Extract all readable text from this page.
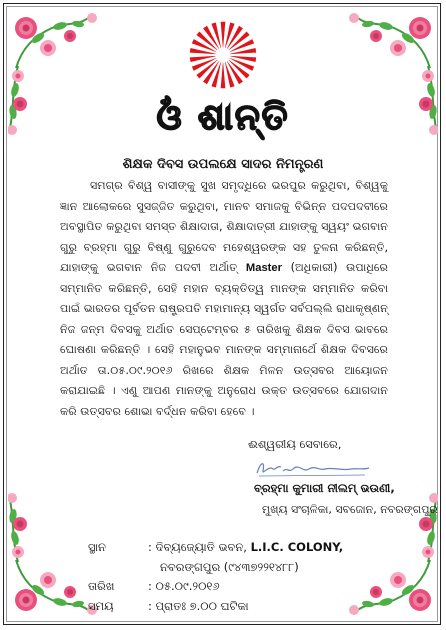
ଓଁ ଶାନ୍ତି
ଶିକ୍ଷକ ଦିବସ ଉପଲକ୍ଷେ ସାଦର ନିମନ୍ତ୍ରଣ

ସମଗ୍ର ବିଶ୍ୱ ବାସୀଙ୍କୁ ସୁଖ ସମୃଦ୍ଧିରେ ଭରପୁର କରୁଥିବା, ବିଶ୍ୱକୁ ଜ୍ଞାନ ଆଲୋକରେ ସୁସଜ୍ଜିତ କରୁଥିବା, ମାନବ ସମାଜକୁ ବିଭିନ୍ନ ପଦପଦବୀରେ ଅବସ୍ଥାପିତ କରୁଥିବା ସମସ୍ତ ଶିକ୍ଷାଦାତା, ଶିକ୍ଷାଦାତ୍ରୀ ଯାହାଙ୍କୁ ସ୍ୱୟଂ ଭଗବାନ ଗୁରୁ ବ୍ରହ୍ମା ଗୁରୁ ବିଷ୍ଣୁ ଗୁରୁଦେବ ମହେଶ୍ୱରଙ୍କ ସହ ତୁଳନା କରିଛନ୍ତି, ଯାହାଙ୍କୁ ଭଗବାନ ନିଜ ପଦବୀ ଅର୍ଥାତ୍ Master (ଅଧିକାରୀ) ଉପାଧିରେ ସମ୍ମାନିତ କରିଛନ୍ତି, ସେହି ମହାନ ବ୍ୟକ୍ତିତ୍ୱ ମାନଙ୍କ ସମ୍ମାନିତ କରିବା ପାଇଁ ଭାରତର ପୂର୍ବତନ ରାଷ୍ଟ୍ରପତି ମହାମାନ୍ୟ ସ୍ୱର୍ଗତ ସର୍ବପଲ୍ଲି ରାଧାକୃଷ୍ଣନ୍ ନିଜ ଜନ୍ମ ଦିବସକୁ ଅର୍ଥାତ ସେପ୍ଟେମ୍ବର ୫ ତାରିଖକୁ ଶିକ୍ଷକ ଦିବସ ଭାବରେ ଘୋଷଣା କରିଛନ୍ତି । ସେହି ମହାନୁଭବ ମାନଙ୍କ ସମ୍ମାନାର୍ଥେ ଶିକ୍ଷକ ଦିବସରେ ଅର୍ଥାତ ତା.୦୫.୦୯.୨୦୧୬ ରିଖରେ ଶିକ୍ଷକ ମିଳନ ଉତ୍ସବର ଆୟୋଜନ କରାଯାଇଛି । ଏଣୁ ଆପଣ ମାନଙ୍କୁ ଅନୁରୋଧ ଉକ୍ତ ଉତ୍ସବରେ ଯୋଗଦାନ କରି ଉତ୍ସବର ଶୋଭା ବର୍ଦ୍ଧନ କରିବା ହେବେ ।

ଈଶ୍ୱରୀୟ ସେବାରେ,
ବ୍ରହ୍ମା କୁମାରୀ ନୀଲମ୍ ଭଉଣୀ,
ମୁଖ୍ୟ ସଂଚାଳିକା, ସବଜୋନ, ନବରଙ୍ଗପୁର
ସ୍ଥାନ	: ଦିବ୍ୟଜ୍ୟୋତି ଭବନ, L.I.C. COLONY,
ନବରଙ୍ଗପୁର (୯୪୩୭୨୨୧୪୮୮)
ତାରିଖ	: ୦୫.୦୯.୨୦୧୬
ସମୟ	: ପ୍ରାତଃ ୭.୦୦ ଘଟିକା
